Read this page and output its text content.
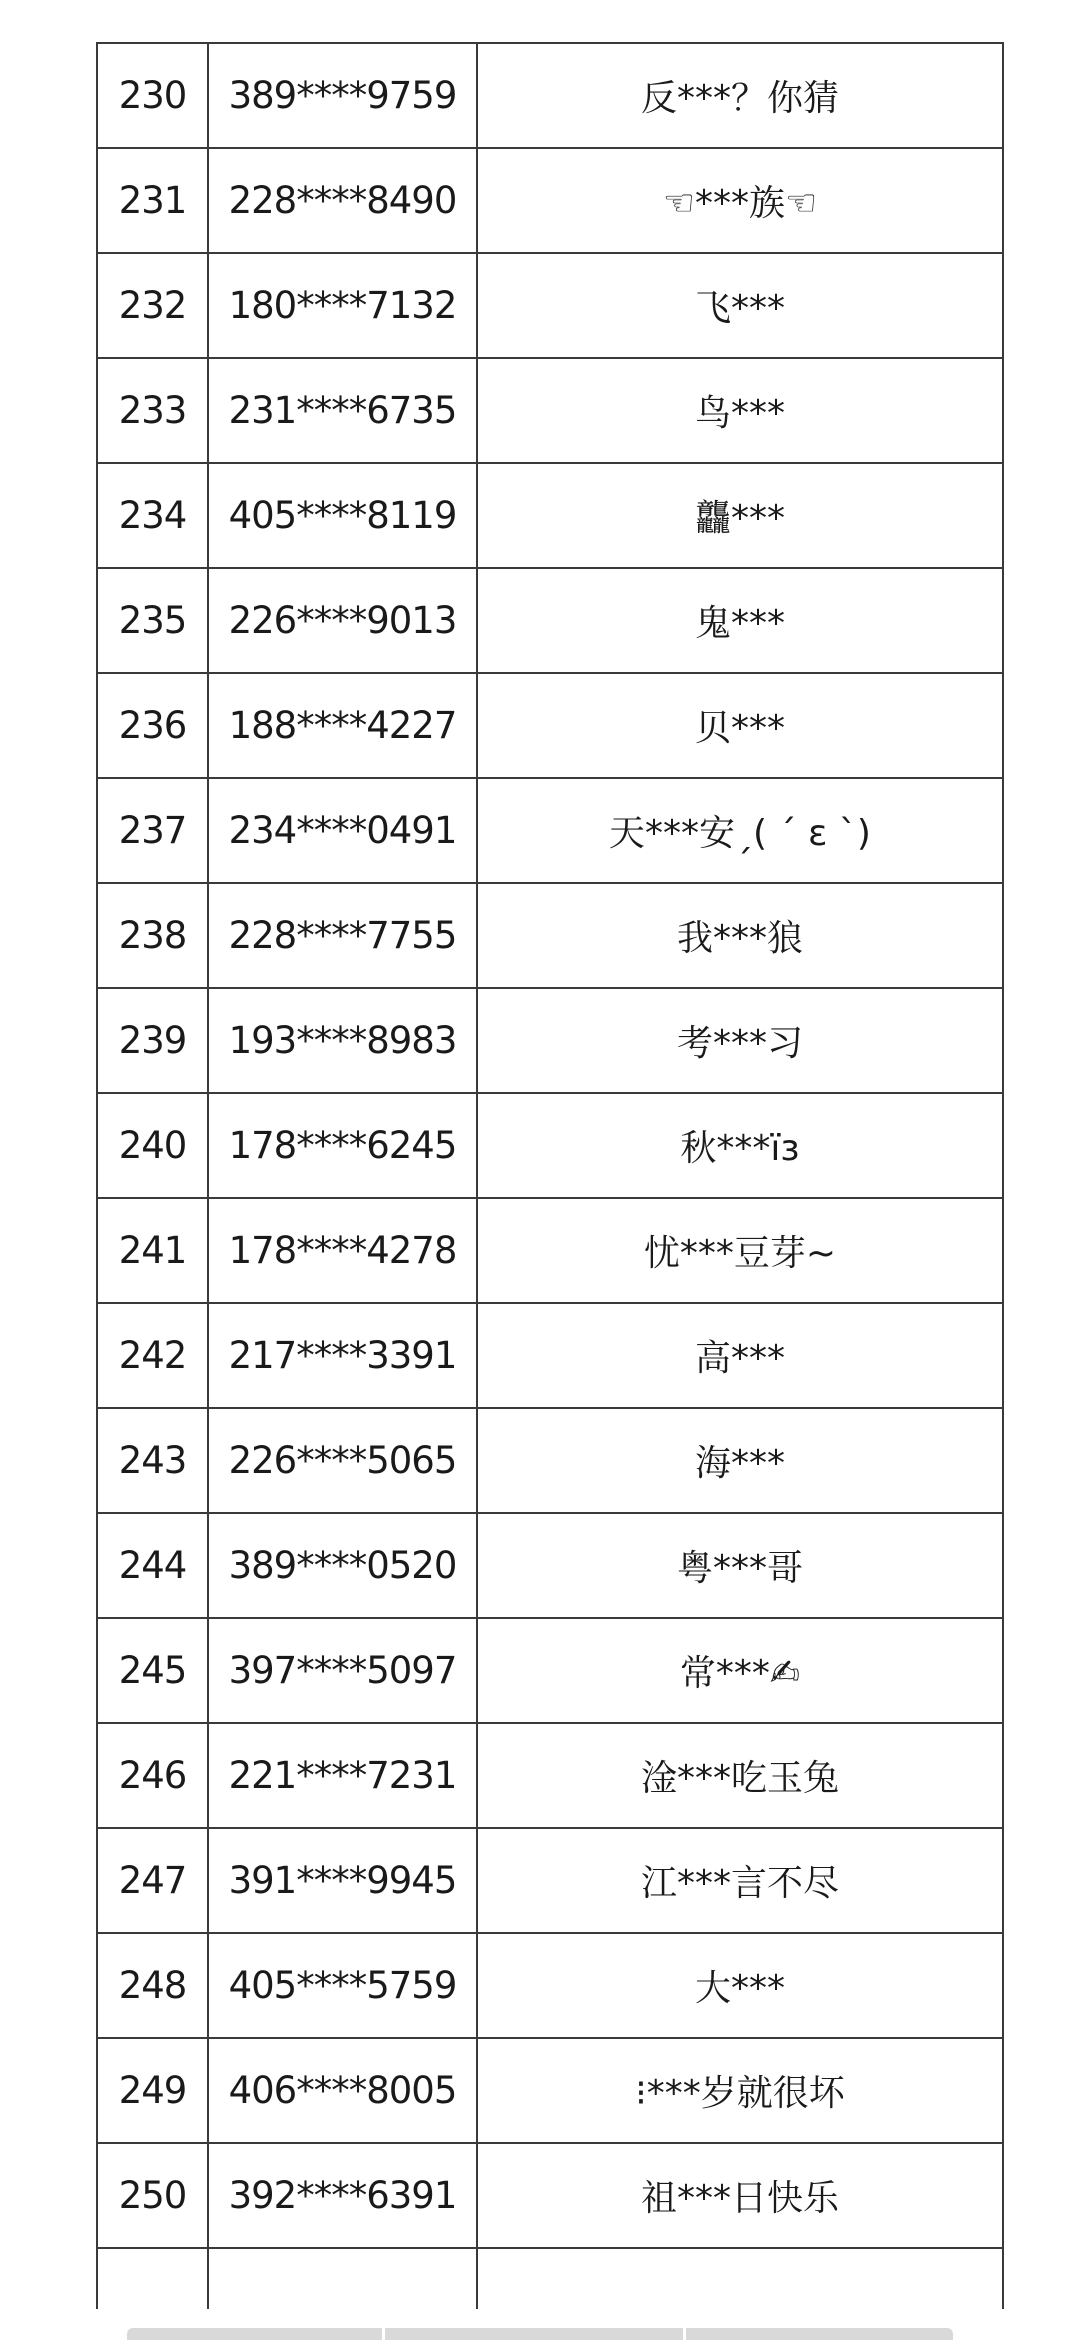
230	389****9759	反***？你猜
231	228****8490	☜***族☜
232	180****7132	飞***
233	231****6735	鸟***
234	405****8119	龘***
235	226****9013	鬼***
236	188****4227	贝***
237	234****0491	天***安ˏ( ˊ ε ˋ)
238	228****7755	我***狼
239	193****8983	考***习
240	178****6245	秋***ïз
241	178****4278	忧***豆芽~
242	217****3391	高***
243	226****5065	海***
244	389****0520	粤***哥
245	397****5097	常***✍
246	221****7231	淦***吃玉兔
247	391****9945	江***言不尽
248	405****5759	大***
249	406****8005	⁝***岁就很坏
250	392****6391	祖***日快乐
